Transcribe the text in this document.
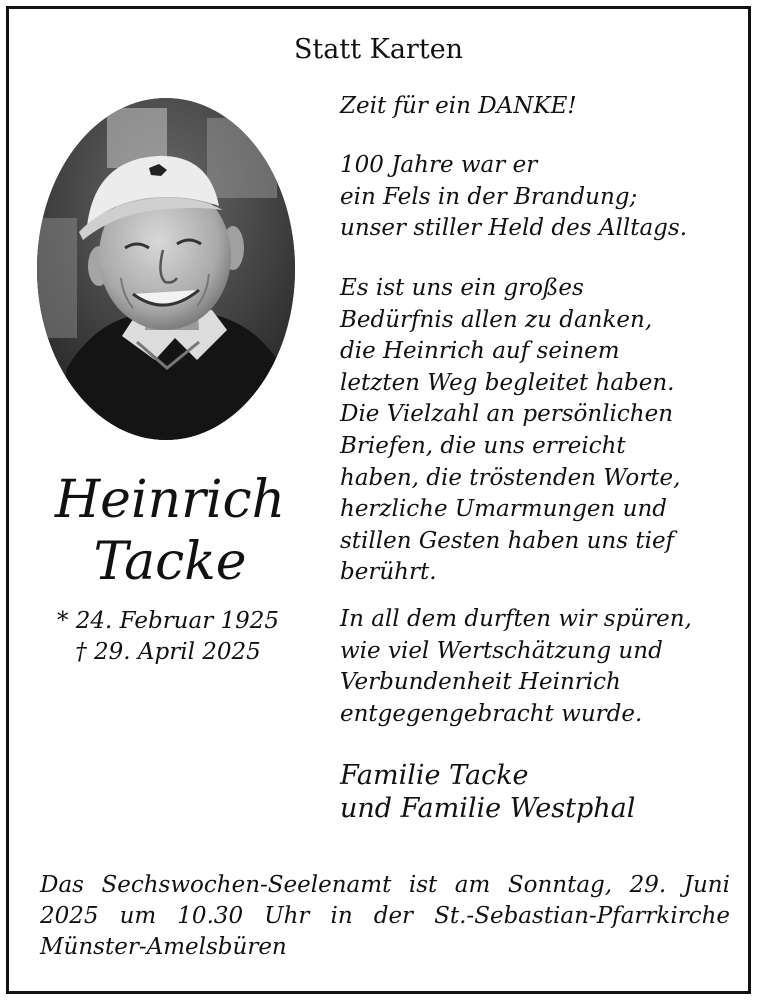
Statt Karten
Heinrich
Tacke
* 24. Februar 1925
† 29. April 2025

Zeit für ein DANKE!

100 Jahre war er

ein Fels in der Brandung;

unser stiller Held des Alltags.

Es ist uns ein großes

Bedürfnis allen zu danken,

die Heinrich auf seinem

letzten Weg begleitet haben.

Die Vielzahl an persönlichen

Briefen, die uns erreicht

haben, die tröstenden Worte,

herzliche Umarmungen und

stillen Gesten haben uns tief

berührt.

In all dem durften wir spüren,

wie viel Wertschätzung und

Verbundenheit Heinrich

entgegengebracht wurde.

Familie Tacke
und Familie Westphal
Das Sechswochen-Seelenamt ist am Sonntag, 29. Juni
2025 um 10.30 Uhr in der St.-Sebastian-Pfarrkirche
Münster-Amelsbüren
